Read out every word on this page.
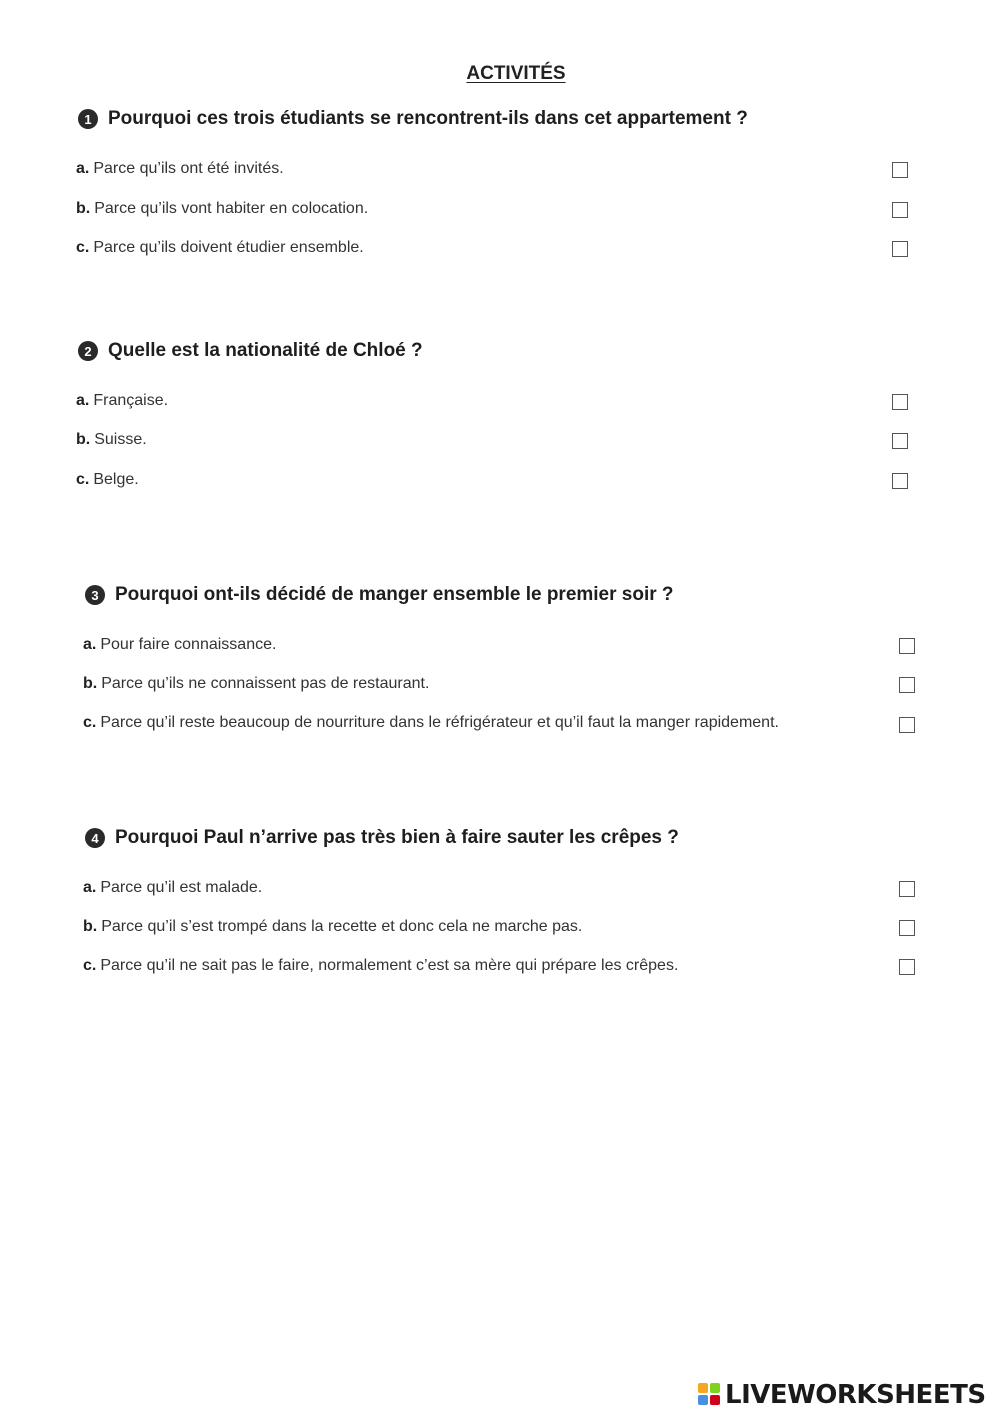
ACTIVITÉS
1 Pourquoi ces trois étudiants se rencontrent-ils dans cet appartement ?
a. Parce qu’ils ont été invités.
b. Parce qu’ils vont habiter en colocation.
c. Parce qu’ils doivent étudier ensemble.
2 Quelle est la nationalité de Chloé ?
a. Française.
b. Suisse.
c. Belge.
3 Pourquoi ont-ils décidé de manger ensemble le premier soir ?
a. Pour faire connaissance.
b. Parce qu’ils ne connaissent pas de restaurant.
c. Parce qu’il reste beaucoup de nourriture dans le réfrigérateur et qu’il faut la manger rapidement.
4 Pourquoi Paul n’arrive pas très bien à faire sauter les crêpes ?
a. Parce qu’il est malade.
b. Parce qu’il s’est trompé dans la recette et donc cela ne marche pas.
c. Parce qu’il ne sait pas le faire, normalement c’est sa mère qui prépare les crêpes.
LIVEWORKSHEETS
